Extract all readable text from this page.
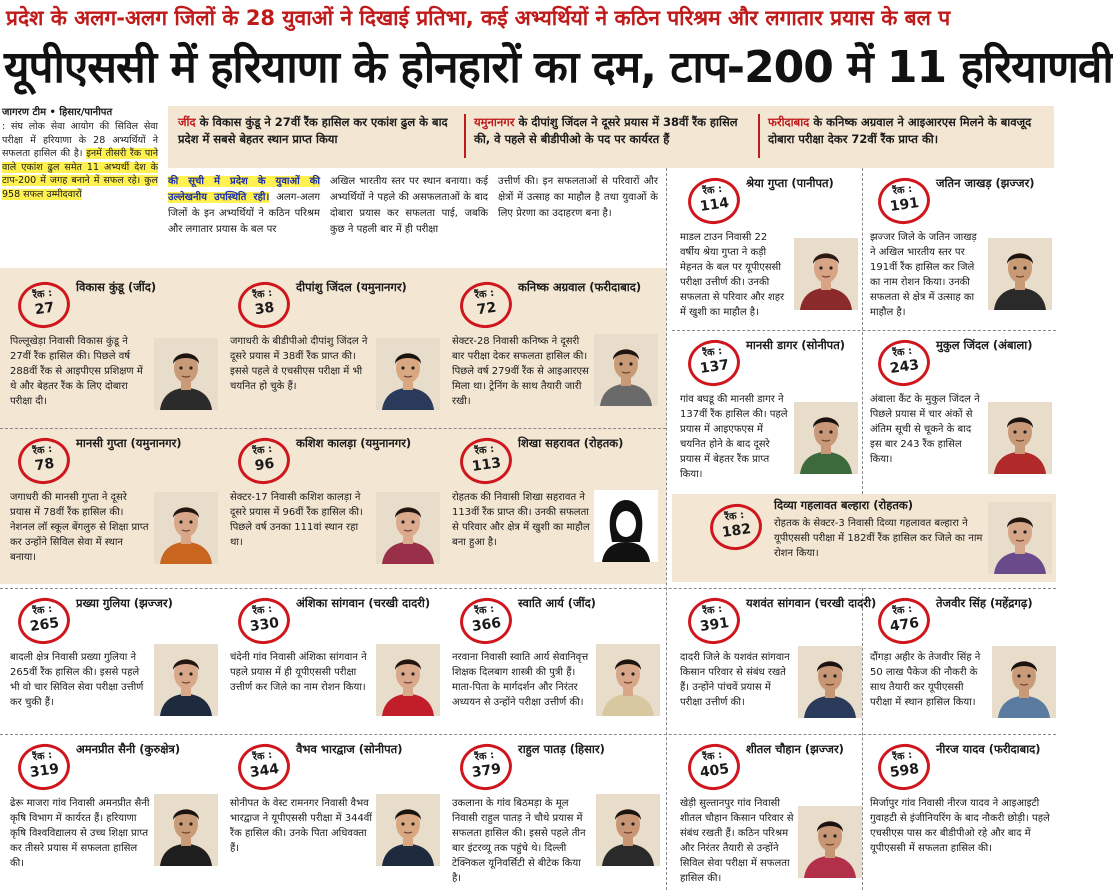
प्रदेश के अलग-अलग जिलों के 28 युवाओं ने दिखाई प्रतिभा, कई अभ्यर्थियों ने कठिन परिश्रम और लगातार प्रयास के बल प
यूपीएससी में हरियाणा के होनहारों का दम, टाप-200 में 11 हरियाणवी
जागरण टीम • हिसार/पानीपत
: संघ लोक सेवा आयोग की सिविल सेवा परीक्षा में हरियाणा के 28 अभ्यर्थियों ने सफलता हासिल की है। इनमें तीसरी रैंक पाने वाले एकांश ढुल समेत 11 अभ्यर्थी देश के टाप-200 में जगह बनाने में सफल रहे। कुल 958 सफल उम्मीदवारों
जींद के विकास कुंडू ने 27वीं रैंक हासिल कर एकांश ढुल के बाद प्रदेश में सबसे बेहतर स्थान प्राप्त किया
यमुनानगर के दीपांशु जिंदल ने दूसरे प्रयास में 38वीं रैंक हासिल की, वे पहले से बीडीपीओ के पद पर कार्यरत हैं
फरीदाबाद के कनिष्क अग्रवाल ने आइआरएस मिलने के बावजूद दोबारा परीक्षा देकर 72वीं रैंक प्राप्त की।
की सूची में प्रदेश के युवाओं की उल्लेखनीय उपस्थिति रही। अलग-अलग जिलों के इन अभ्यर्थियों ने कठिन परिश्रम और लगातार प्रयास के बल पर
अखिल भारतीय स्तर पर स्थान बनाया। कई अभ्यर्थियों ने पहले की असफलताओं के बाद दोबारा प्रयास कर सफलता पाई, जबकि कुछ ने पहली बार में ही परीक्षा
उत्तीर्ण की। इन सफलताओं से परिवारों और क्षेत्रों में उत्साह का माहौल है तथा युवाओं के लिए प्रेरणा का उदाहरण बना है।
रैंक :
27
विकास कुंडू (जींद)
पिल्लूखेड़ा निवासी विकास कुंडू ने 27वीं रैंक हासिल की। पिछले वर्ष 288वीं रैंक से आइपीएस प्रशिक्षण में थे और बेहतर रैंक के लिए दोबारा परीक्षा दी।
रैंक :
38
दीपांशु जिंदल (यमुनानगर)
जगाधरी के बीडीपीओ दीपांशु जिंदल ने दूसरे प्रयास में 38वीं रैंक प्राप्त की। इससे पहले वे एचसीएस परीक्षा में भी चयनित हो चुके हैं।
रैंक :
72
कनिष्क अग्रवाल (फरीदाबाद)
सेक्टर-28 निवासी कनिष्क ने दूसरी बार परीक्षा देकर सफलता हासिल की। पिछले वर्ष 279वीं रैंक से आइआरएस मिला था। ट्रेनिंग के साथ तैयारी जारी रखी।
रैंक :
78
मानसी गुप्ता (यमुनानगर)
जगाधरी की मानसी गुप्ता ने दूसरे प्रयास में 78वीं रैंक हासिल की। नेशनल लॉ स्कूल बेंगलुरु से शिक्षा प्राप्त कर उन्होंने सिविल सेवा में स्थान बनाया।
रैंक :
96
कशिश कालड़ा (यमुनानगर)
सेक्टर-17 निवासी कशिश कालड़ा ने दूसरे प्रयास में 96वीं रैंक हासिल की। पिछले वर्ष उनका 111वां स्थान रहा था।
रैंक :
113
शिखा सहरावत (रोहतक)
रोहतक की निवासी शिखा सहरावत ने 113वीं रैंक प्राप्त की। उनकी सफलता से परिवार और क्षेत्र में खुशी का माहौल बना हुआ है।
रैंक :
114
श्रेया गुप्ता (पानीपत)
माडल टाउन निवासी 22 वर्षीय श्रेया गुप्ता ने कड़ी मेहनत के बल पर यूपीएससी परीक्षा उत्तीर्ण की। उनकी सफलता से परिवार और शहर में खुशी का माहौल है।
रैंक :
191
जतिन जाखड़ (झज्जर)
झज्जर जिले के जतिन जाखड़ ने अखिल भारतीय स्तर पर 191वीं रैंक हासिल कर जिले का नाम रोशन किया। उनकी सफलता से क्षेत्र में उत्साह का माहौल है।
रैंक :
137
मानसी डागर (सोनीपत)
गांव बघडू की मानसी डागर ने 137वीं रैंक हासिल की। पहले प्रयास में आइएफएस में चयनित होने के बाद दूसरे प्रयास में बेहतर रैंक प्राप्त किया।
रैंक :
243
मुकुल जिंदल (अंबाला)
अंबाला कैंट के मुकुल जिंदल ने पिछले प्रयास में चार अंकों से अंतिम सूची से चूकने के बाद इस बार 243 रैंक हासिल किया।
रैंक :
182
दिव्या गहलावत बल्हारा (रोहतक)
रोहतक के सेक्टर-3 निवासी दिव्या गहलावत बल्हारा ने यूपीएससी परीक्षा में 182वीं रैंक हासिल कर जिले का नाम रोशन किया।
रैंक :
265
प्रख्या गुलिया (झज्जर)
बादली क्षेत्र निवासी प्रख्या गुलिया ने 265वीं रैंक हासिल की। इससे पहले भी वो चार सिविल सेवा परीक्षा उत्तीर्ण कर चुकी हैं।
रैंक :
330
अंशिका सांगवान (चरखी दादरी)
चंदेनी गांव निवासी अंशिका सांगवान ने पहले प्रयास में ही यूपीएससी परीक्षा उत्तीर्ण कर जिले का नाम रोशन किया।
रैंक :
366
स्वाति आर्य (जींद)
नरवाना निवासी स्वाति आर्य सेवानिवृत्त शिक्षक दिलबाग शास्त्री की पुत्री हैं। माता-पिता के मार्गदर्शन और निरंतर अध्ययन से उन्होंने परीक्षा उत्तीर्ण की।
रैंक :
391
यशवंत सांगवान (चरखी दादरी)
दादरी जिले के यशवंत सांगवान किसान परिवार से संबंध रखते हैं। उन्होंने पांचवें प्रयास में परीक्षा उत्तीर्ण की।
रैंक :
476
तेजवीर सिंह (महेंद्रगढ़)
दौंगड़ा अहीर के तेजवीर सिंह ने 50 लाख पैकेज की नौकरी के साथ तैयारी कर यूपीएससी परीक्षा में स्थान हासिल किया।
रैंक :
319
अमनप्रीत सैनी (कुरुक्षेत्र)
ढेरू माजरा गांव निवासी अमनप्रीत सैनी कृषि विभाग में कार्यरत हैं। हरियाणा कृषि विश्वविद्यालय से उच्च शिक्षा प्राप्त कर तीसरे प्रयास में सफलता हासिल की।
रैंक :
344
वैभव भारद्वाज (सोनीपत)
सोनीपत के वेस्ट रामनगर निवासी वैभव भारद्वाज ने यूपीएससी परीक्षा में 344वीं रैंक हासिल की। उनके पिता अधिवक्ता हैं।
रैंक :
379
राहुल पातड़ (हिसार)
उकलाना के गांव बिठमड़ा के मूल निवासी राहुल पातड़ ने चौथे प्रयास में सफलता हासिल की। इससे पहले तीन बार इंटरव्यू तक पहुंचे थे। दिल्ली टेक्निकल यूनिवर्सिटी से बीटेक किया है।
रैंक :
405
शीतल चौहान (झज्जर)
खेड़ी सुल्तानपुर गांव निवासी शीतल चौहान किसान परिवार से संबंध रखती हैं। कठिन परिश्रम और निरंतर तैयारी से उन्होंने सिविल सेवा परीक्षा में सफलता हासिल की।
रैंक :
598
नीरज यादव (फरीदाबाद)
मिर्जापुर गांव निवासी नीरज यादव ने आइआइटी गुवाहटी से इंजीनियरिंग के बाद नौकरी छोड़ी। पहले एचसीएस पास कर बीडीपीओ रहे और बाद में यूपीएससी में सफलता हासिल की।
